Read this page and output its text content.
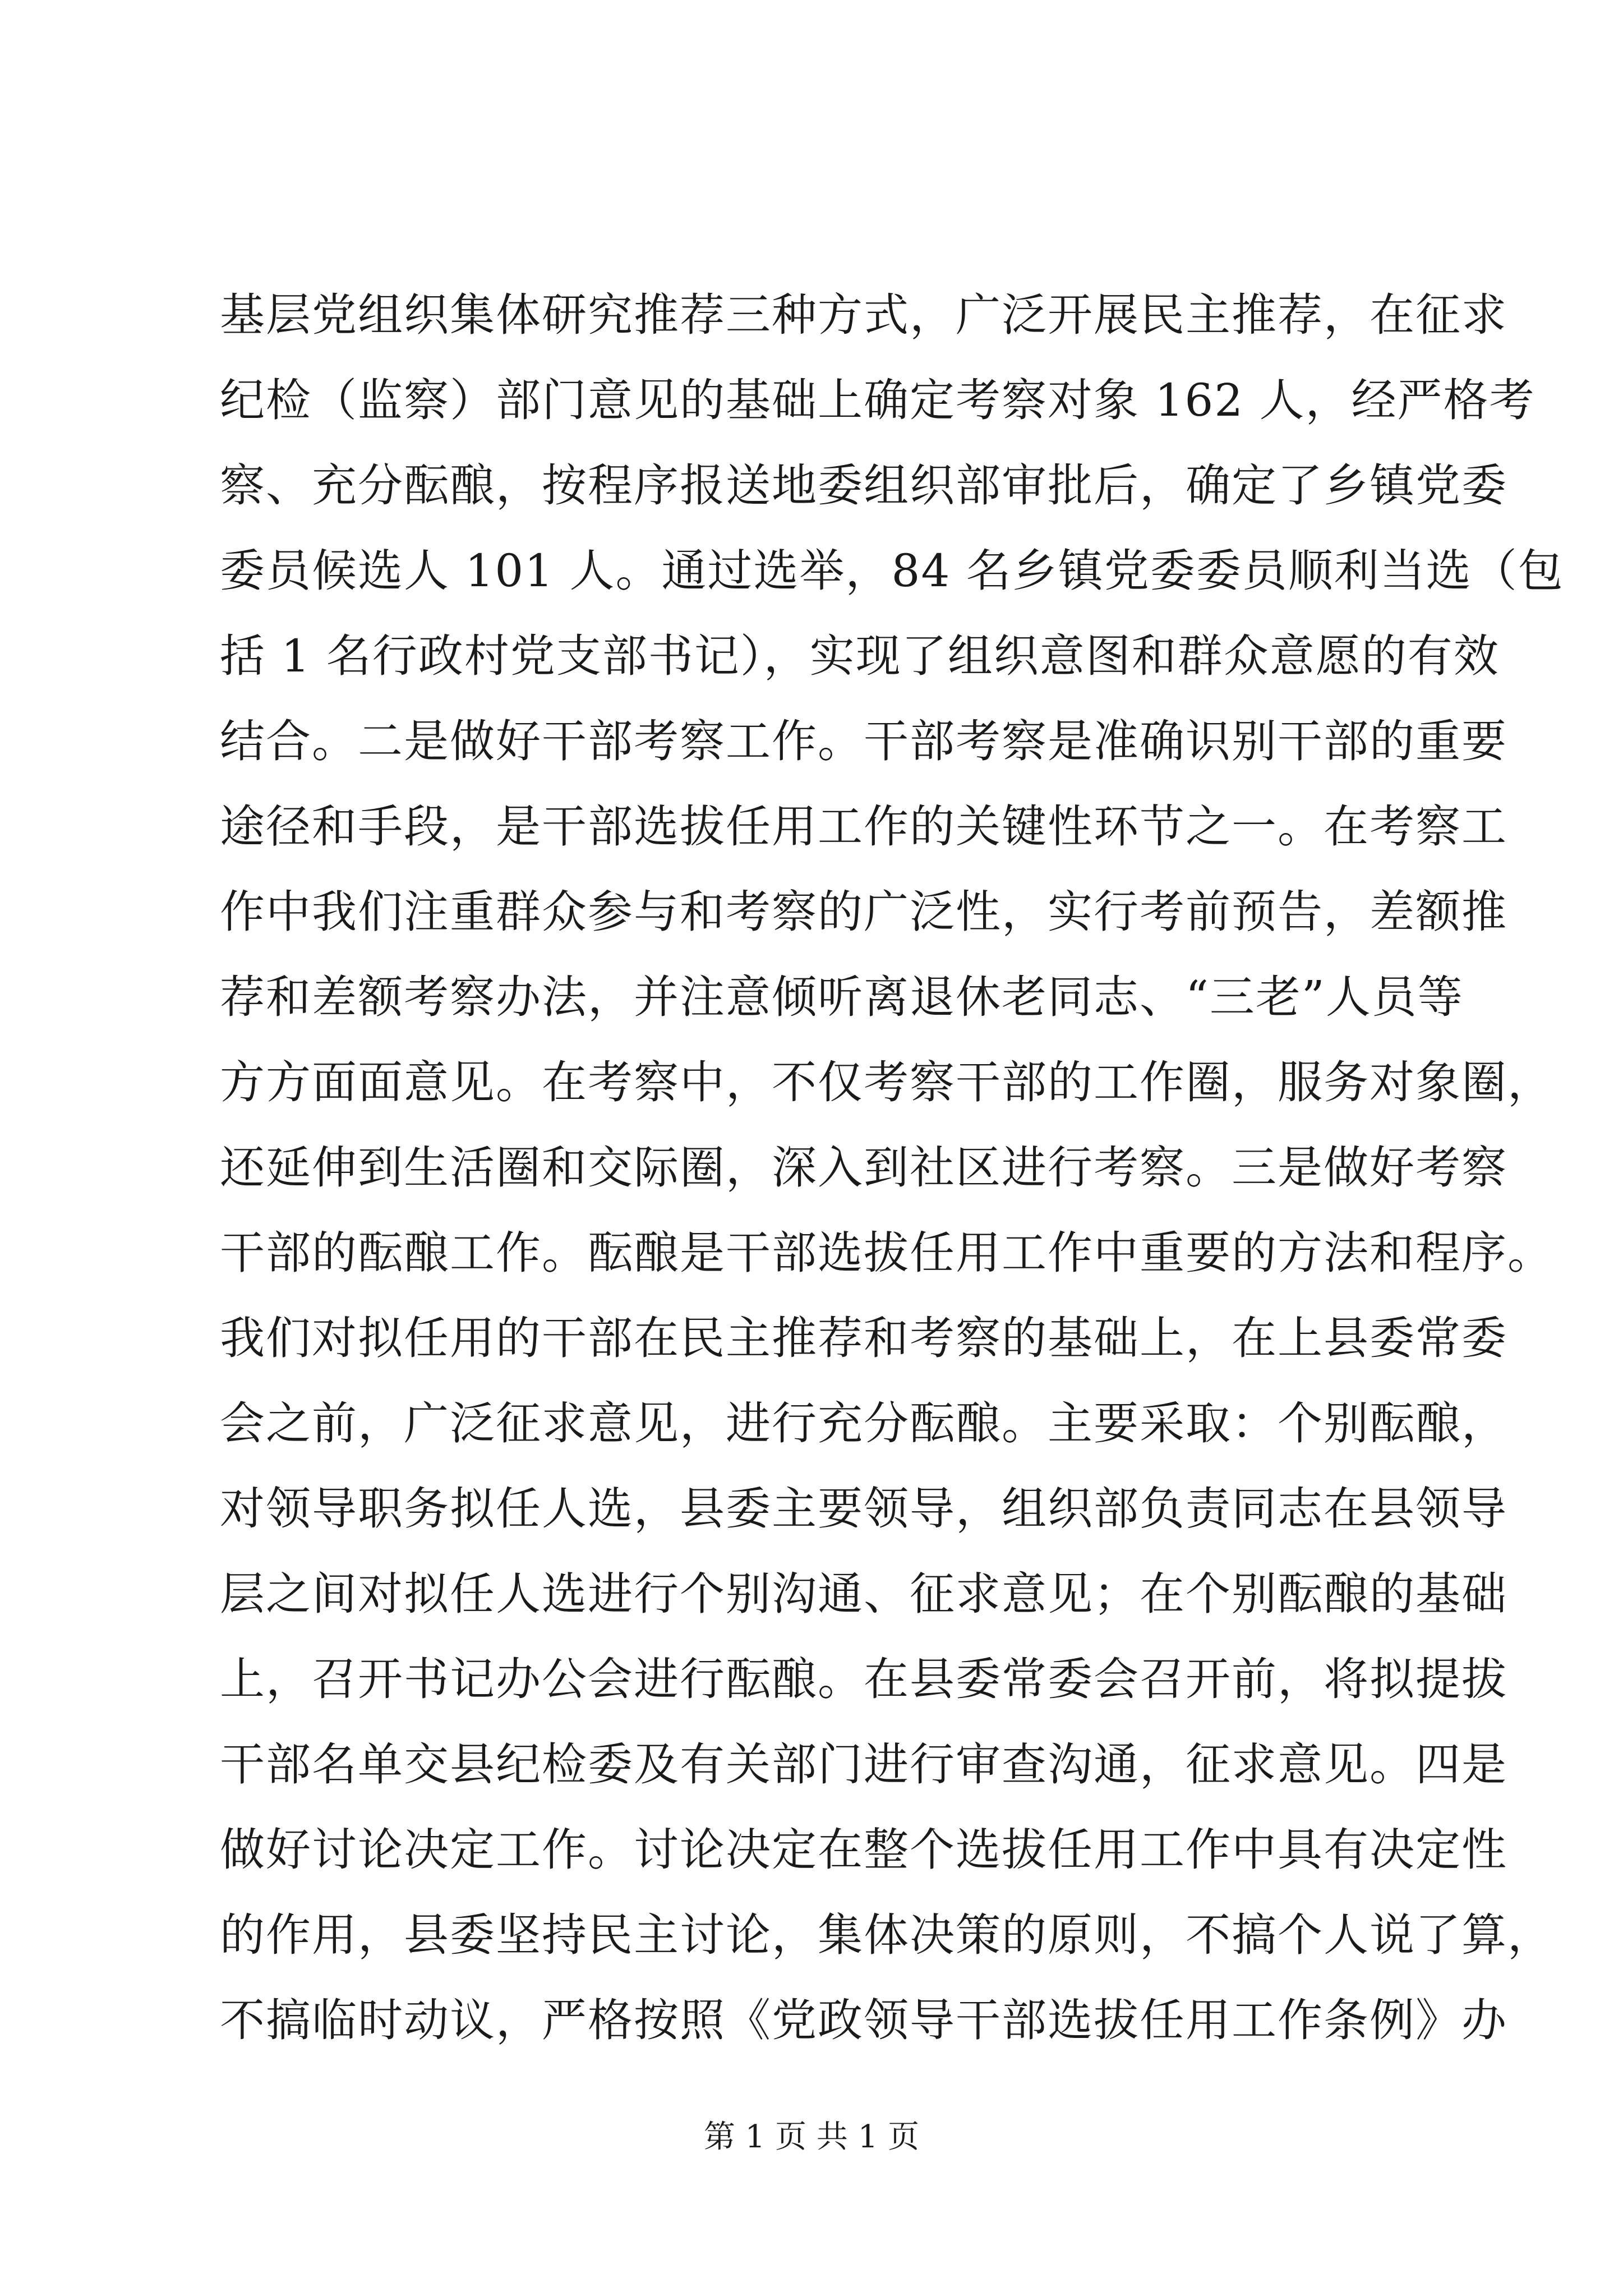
基层党组织集体研究推荐三种方式，广泛开展民主推荐，在征求
纪检（监察）部门意见的基础上确定考察对象 162 人，经严格考
察、充分酝酿，按程序报送地委组织部审批后，确定了乡镇党委
委员候选人 101 人。通过选举，84 名乡镇党委委员顺利当选（包
括 1 名行政村党支部书记），实现了组织意图和群众意愿的有效
结合。二是做好干部考察工作。干部考察是准确识别干部的重要
途径和手段，是干部选拔任用工作的关键性环节之一。在考察工
作中我们注重群众参与和考察的广泛性，实行考前预告，差额推
荐和差额考察办法，并注意倾听离退休老同志、“三老”人员等
方方面面意见。在考察中，不仅考察干部的工作圈，服务对象圈，
还延伸到生活圈和交际圈，深入到社区进行考察。三是做好考察
干部的酝酿工作。酝酿是干部选拔任用工作中重要的方法和程序。
我们对拟任用的干部在民主推荐和考察的基础上，在上县委常委
会之前，广泛征求意见，进行充分酝酿。主要采取：个别酝酿，
对领导职务拟任人选，县委主要领导，组织部负责同志在县领导
层之间对拟任人选进行个别沟通、征求意见；在个别酝酿的基础
上，召开书记办公会进行酝酿。在县委常委会召开前，将拟提拔
干部名单交县纪检委及有关部门进行审查沟通，征求意见。四是
做好讨论决定工作。讨论决定在整个选拔任用工作中具有决定性
的作用，县委坚持民主讨论，集体决策的原则，不搞个人说了算，
不搞临时动议，严格按照《党政领导干部选拔任用工作条例》办
第 1 页 共 1 页
